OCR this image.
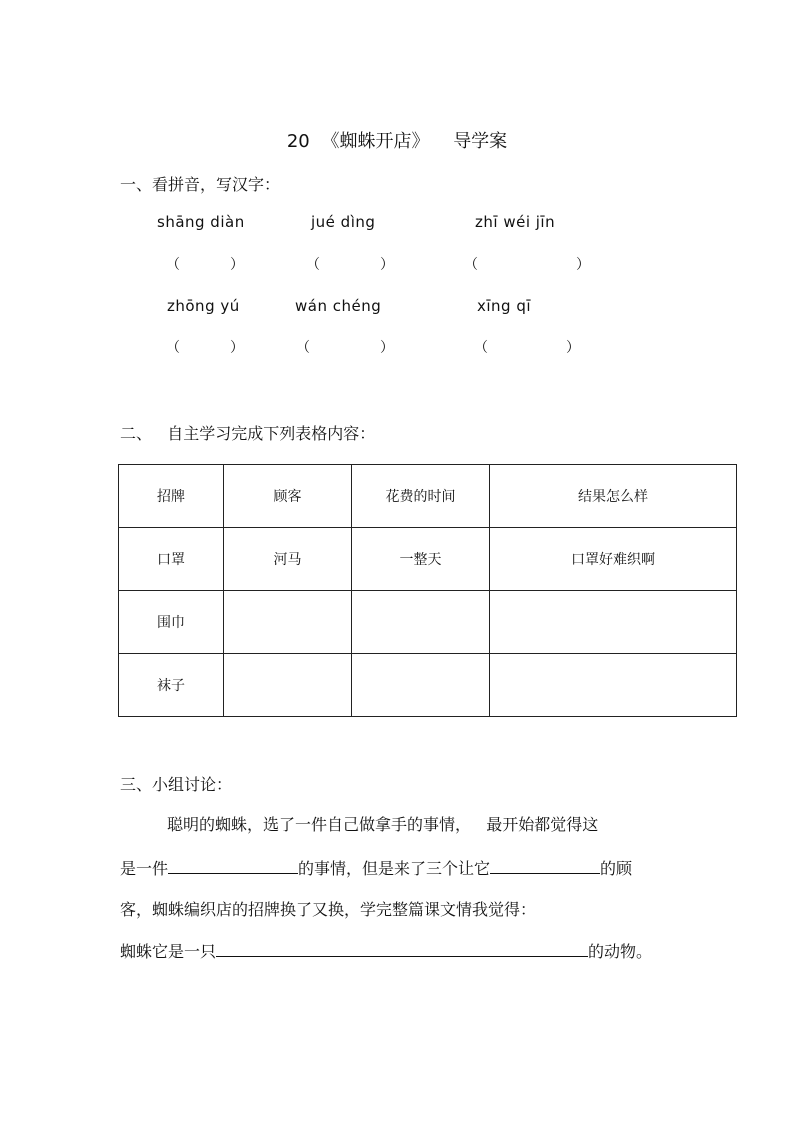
20 《蜘蛛开店》 导学案
一、看拼音，写汉字：
shāng diàn	jué dìng	zhī wéi jīn
（	）	（	）	（	）
zhōng yú	wán chéng	xīng qī
（	）	（	）	（	）
二、   自主学习完成下列表格内容：
招牌	顾客	花费的时间	结果怎么样
口罩	河马	一整天	口罩好难织啊
围巾			
袜子			
三、小组讨论：
聪明的蜘蛛，选了一件自己做拿手的事情，   最开始都觉得这
是一件	的事情，但是来了三个让它	的顾
客，蜘蛛编织店的招牌换了又换，学完整篇课文情我觉得：
蜘蛛它是一只	的动物。
